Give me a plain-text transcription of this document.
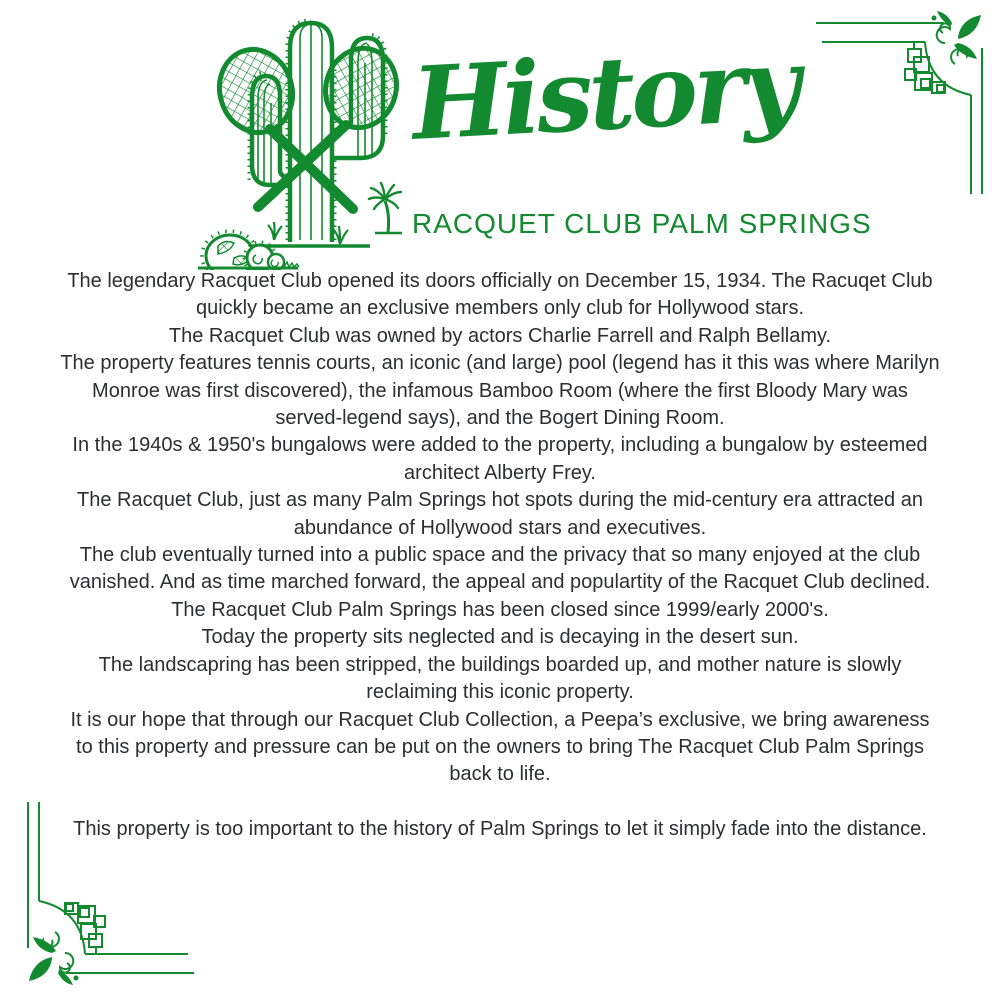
History
RACQUET CLUB PALM SPRINGS

The legendary Racquet Club opened its doors officially on December 15, 1934. The Racuqet Club quickly became an exclusive members only club for Hollywood stars.

The Racquet Club was owned by actors Charlie Farrell and Ralph Bellamy.

The property features tennis courts, an iconic (and large) pool (legend has it this was where Marilyn Monroe was first discovered), the infamous Bamboo Room (where the first Bloody Mary was served-legend says), and the Bogert Dining Room.

In the 1940s & 1950's bungalows were added to the property, including a bungalow by esteemed architect Alberty Frey.

The Racquet Club, just as many Palm Springs hot spots during the mid-century era attracted an abundance of Hollywood stars and executives.

The club eventually turned into a public space and the privacy that so many enjoyed at the club vanished. And as time marched forward, the appeal and populartity of the Racquet Club declined.

The Racquet Club Palm Springs has been closed since 1999/early 2000's.

Today the property sits neglected and is decaying in the desert sun.

The landscapring has been stripped, the buildings boarded up, and mother nature is slowly reclaiming this iconic property.

It is our hope that through our Racquet Club Collection, a Peepa’s exclusive, we bring awareness to this property and pressure can be put on the owners to bring The Racquet Club Palm Springs back to life.

This property is too important to the history of Palm Springs to let it simply fade into the distance.
